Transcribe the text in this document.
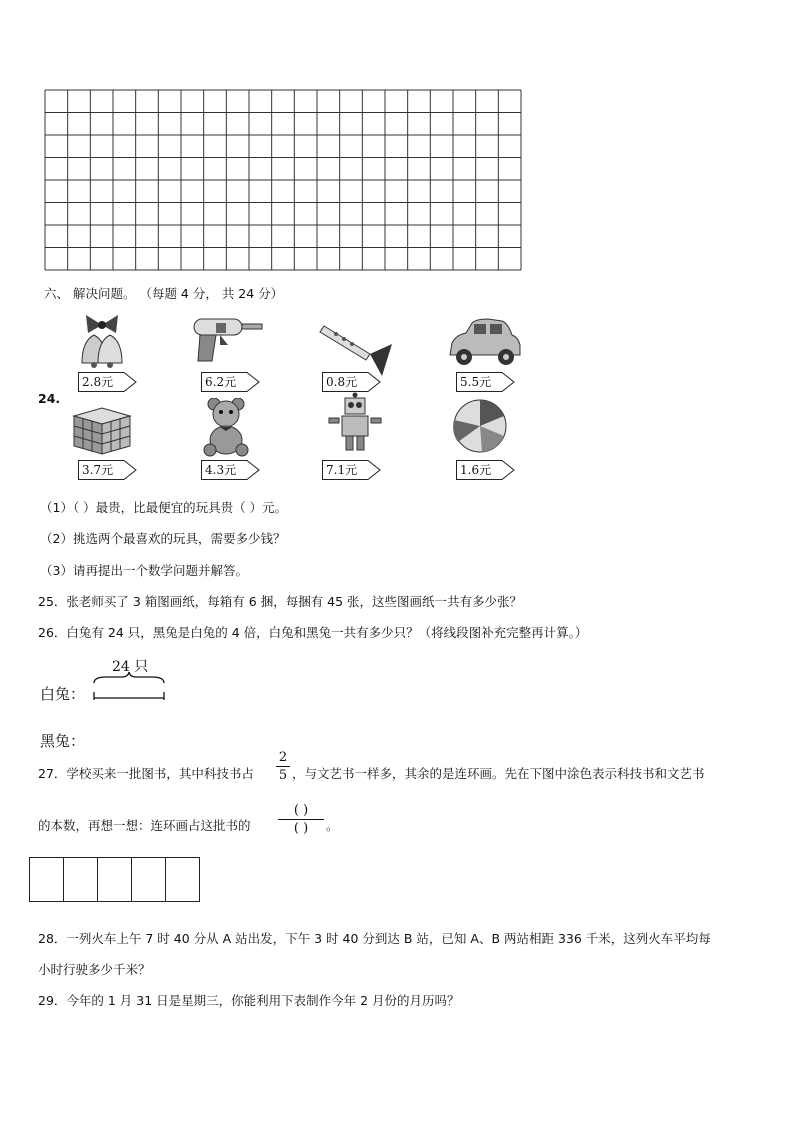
六、 解决问题。 （每题 4 分， 共 24 分）
24.
2.8元	6.2元	0.8元	5.5元
3.7元	4.3元	7.1元	1.6元
（1）（ ）最贵，比最便宜的玩具贵（ ）元。
（2）挑选两个最喜欢的玩具，需要多少钱？
（3）请再提出一个数学问题并解答。
25．张老师买了 3 箱图画纸，每箱有 6 捆，每捆有 45 张，这些图画纸一共有多少张？
26．白兔有 24 只，黑兔是白兔的 4 倍，白兔和黑兔一共有多少只？（将线段图补充完整再计算。）
24 只
白兔：
黑兔：
27．学校买来一批图书，其中科技书占
2
5 ，与文艺书一样多，其余的是连环画。先在下图中涂色表示科技书和文艺书
的本数，再想一想：连环画占这批书的
( )
( )	。
28．一列火车上午 7 时 40 分从 A 站出发，下午 3 时 40 分到达 B 站，已知 A、B 两站相距 336 千米，这列火车平均每
小时行驶多少千米？
29．今年的 1 月 31 日是星期三，你能利用下表制作今年 2 月份的月历吗？
